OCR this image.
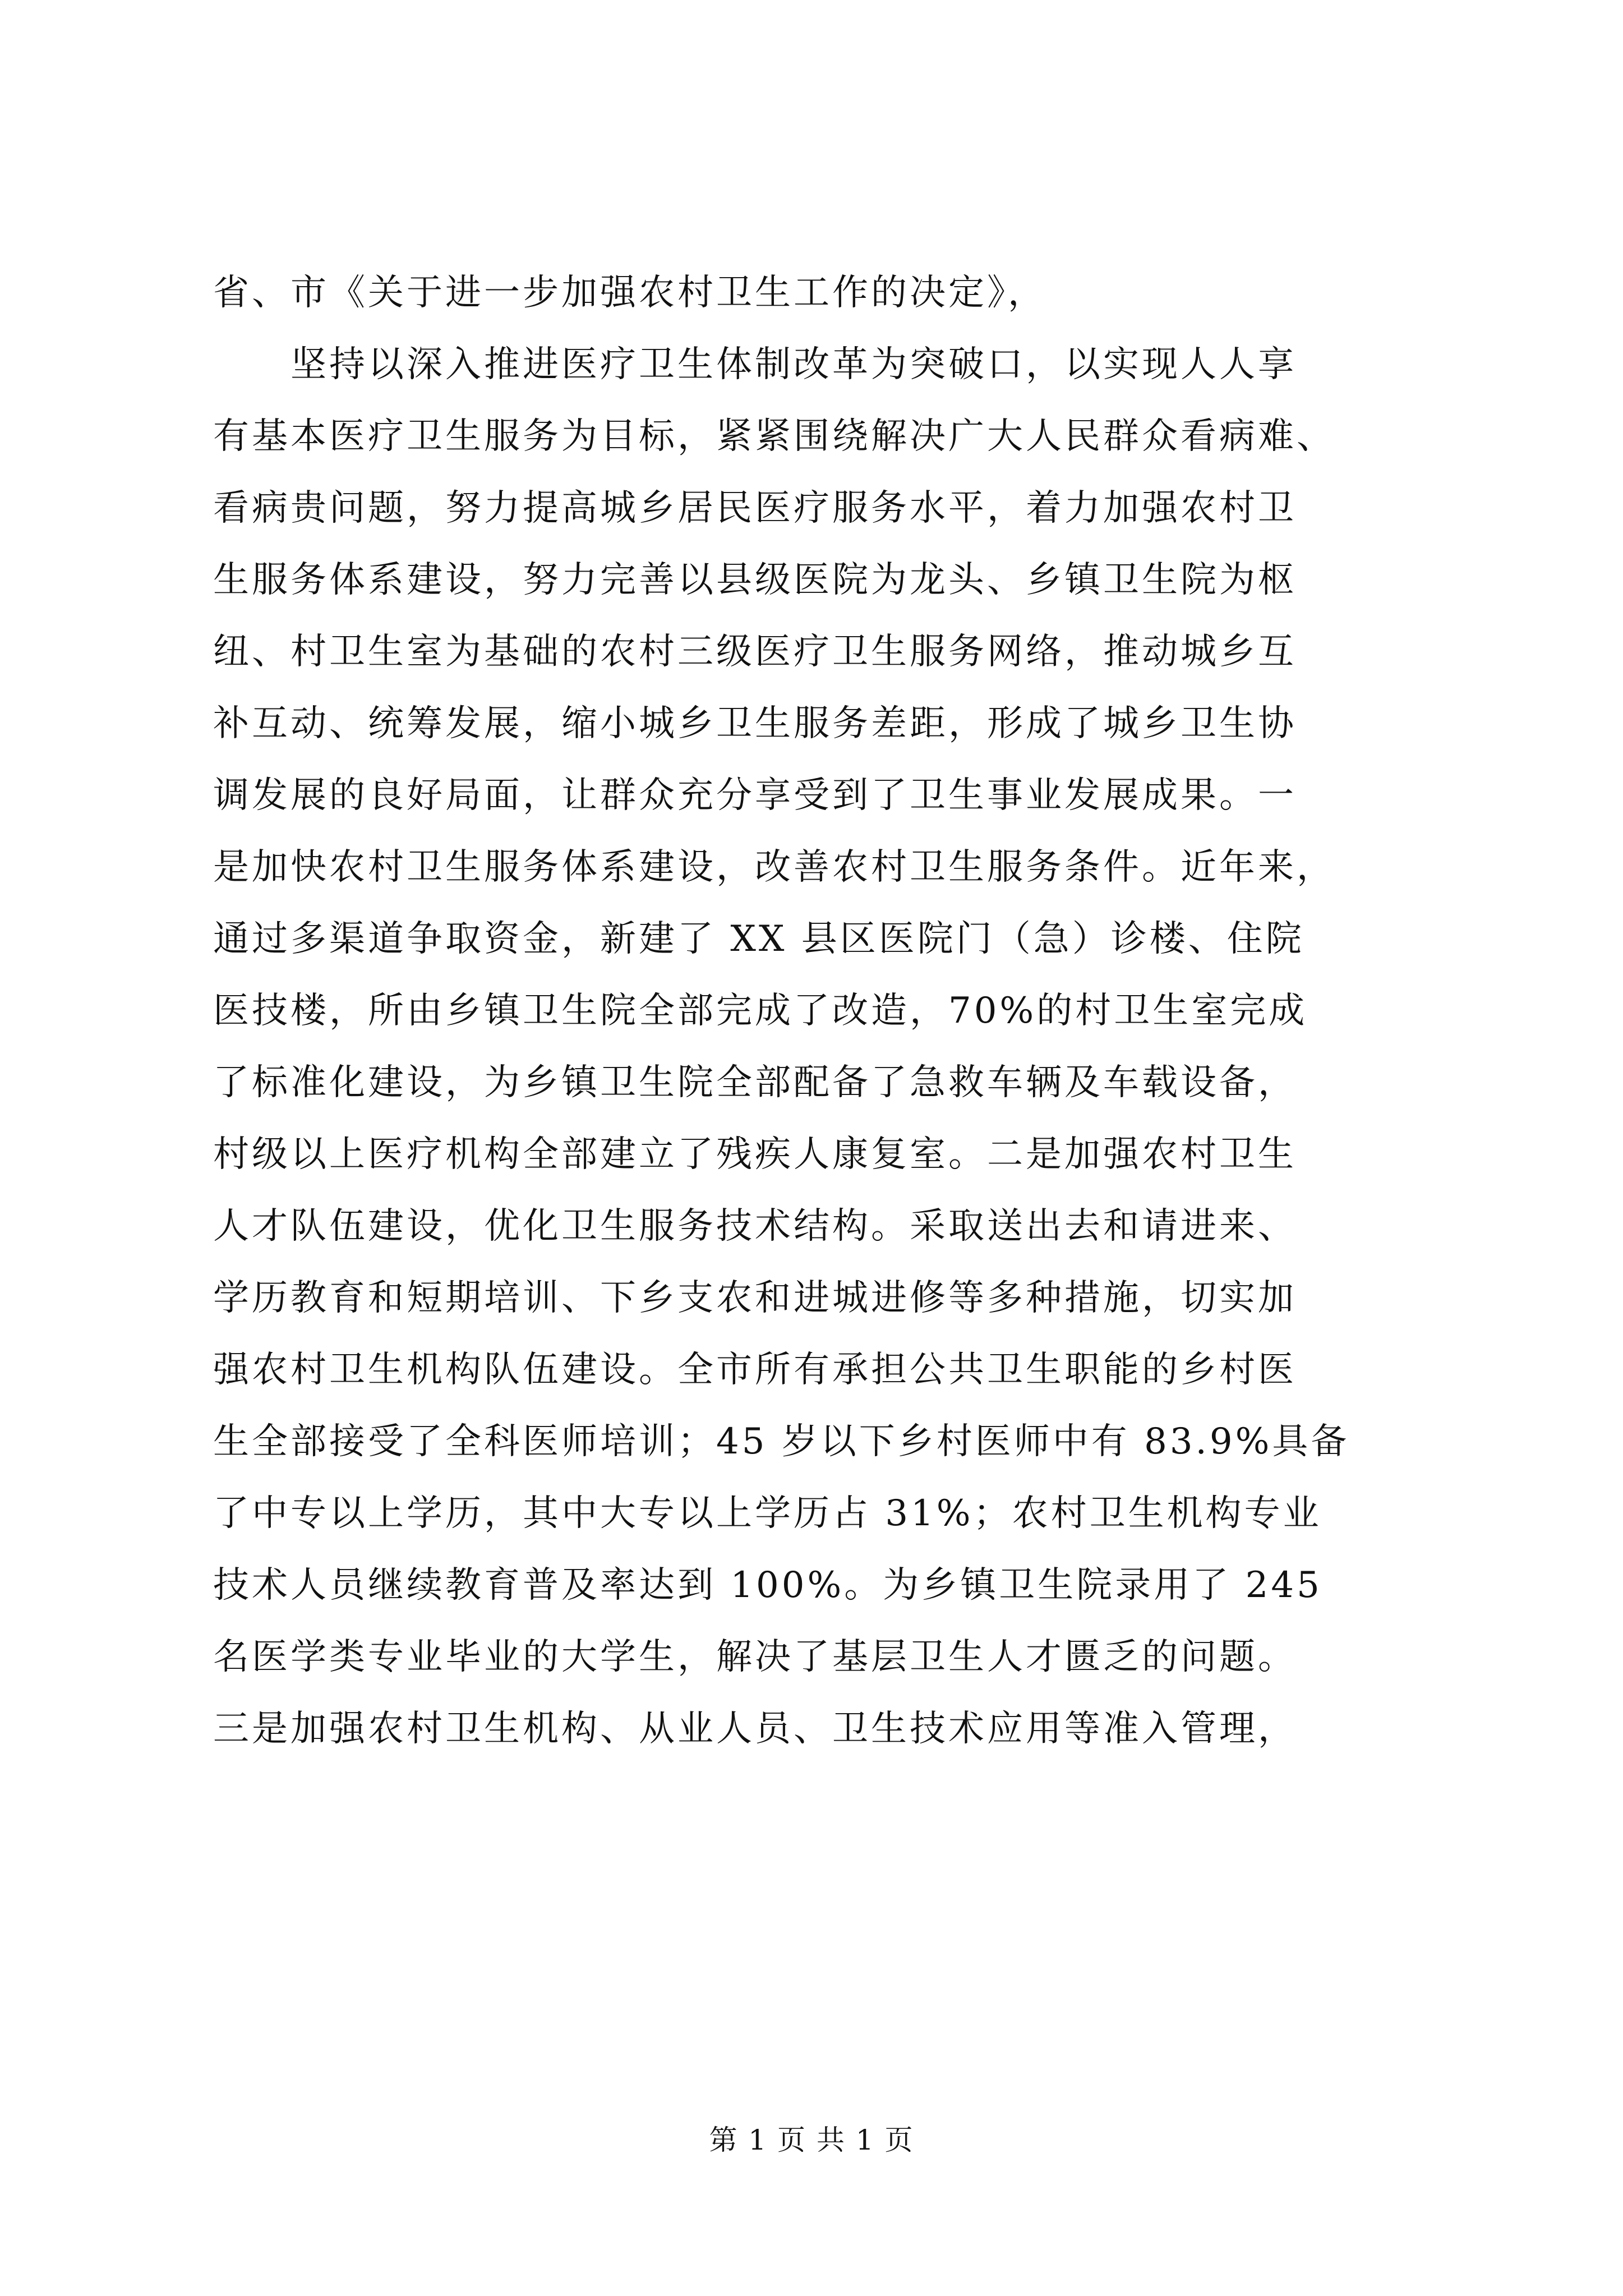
省、市《关于进一步加强农村卫生工作的决定》，
　　坚持以深入推进医疗卫生体制改革为突破口，以实现人人享
有基本医疗卫生服务为目标，紧紧围绕解决广大人民群众看病难、
看病贵问题，努力提高城乡居民医疗服务水平，着力加强农村卫
生服务体系建设，努力完善以县级医院为龙头、乡镇卫生院为枢
纽、村卫生室为基础的农村三级医疗卫生服务网络，推动城乡互
补互动、统筹发展，缩小城乡卫生服务差距，形成了城乡卫生协
调发展的良好局面，让群众充分享受到了卫生事业发展成果。一
是加快农村卫生服务体系建设，改善农村卫生服务条件。近年来，
通过多渠道争取资金，新建了 XX 县区医院门（急）诊楼、住院
医技楼，所由乡镇卫生院全部完成了改造，70%的村卫生室完成
了标准化建设，为乡镇卫生院全部配备了急救车辆及车载设备，
村级以上医疗机构全部建立了残疾人康复室。二是加强农村卫生
人才队伍建设，优化卫生服务技术结构。采取送出去和请进来、
学历教育和短期培训、下乡支农和进城进修等多种措施，切实加
强农村卫生机构队伍建设。全市所有承担公共卫生职能的乡村医
生全部接受了全科医师培训；45 岁以下乡村医师中有 83.9%具备
了中专以上学历，其中大专以上学历占 31%；农村卫生机构专业
技术人员继续教育普及率达到 100%。为乡镇卫生院录用了 245
名医学类专业毕业的大学生，解决了基层卫生人才匮乏的问题。
三是加强农村卫生机构、从业人员、卫生技术应用等准入管理，
第 1 页 共 1 页
